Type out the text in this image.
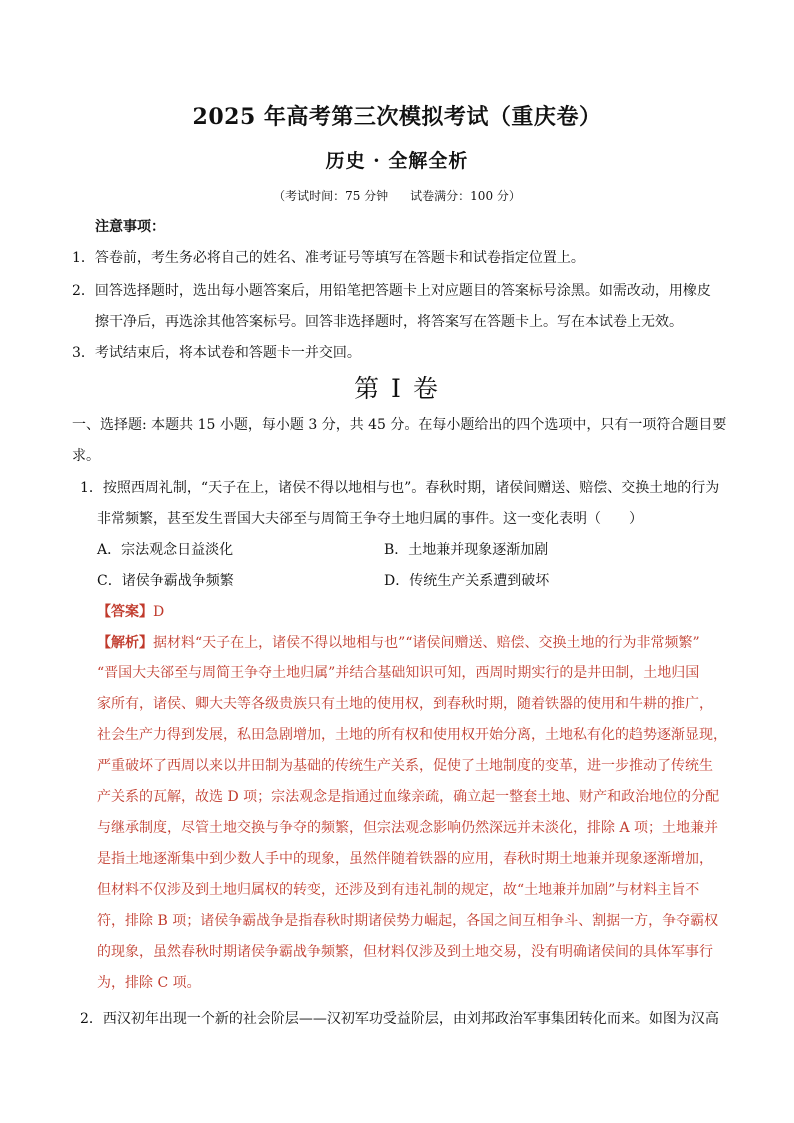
2025 年高考第三次模拟考试（重庆卷）
历史 · 全解全析
（考试时间：75 分钟 试卷满分：100 分）
注意事项：
1．答卷前，考生务必将自己的姓名、准考证号等填写在答题卡和试卷指定位置上。
2．回答选择题时，选出每小题答案后，用铅笔把答题卡上对应题目的答案标号涂黑。如需改动，用橡皮
擦干净后，再选涂其他答案标号。回答非选择题时，将答案写在答题卡上。写在本试卷上无效。
3．考试结束后，将本试卷和答题卡一并交回。
第 I 卷
一、选择题: 本题共 15 小题，每小题 3 分，共 45 分。在每小题给出的四个选项中，只有一项符合题目要
求。
1．按照西周礼制，“天子在上，诸侯不得以地相与也”。春秋时期，诸侯间赠送、赔偿、交换土地的行为
非常频繁，甚至发生晋国大夫郤至与周简王争夺土地归属的事件。这一变化表明（　　）
A．宗法观念日益淡化	B．土地兼并现象逐渐加剧
C．诸侯争霸战争频繁	D．传统生产关系遭到破坏
【答案】D
【解析】据材料“天子在上，诸侯不得以地相与也”“诸侯间赠送、赔偿、交换土地的行为非常频繁”
“晋国大夫郤至与周简王争夺土地归属”并结合基础知识可知，西周时期实行的是井田制，土地归国
家所有，诸侯、卿大夫等各级贵族只有土地的使用权，到春秋时期，随着铁器的使用和牛耕的推广，
社会生产力得到发展，私田急剧增加，土地的所有权和使用权开始分离，土地私有化的趋势逐渐显现，
严重破坏了西周以来以井田制为基础的传统生产关系，促使了土地制度的变革，进一步推动了传统生
产关系的瓦解，故选 D 项；宗法观念是指通过血缘亲疏，确立起一整套土地、财产和政治地位的分配
与继承制度，尽管土地交换与争夺的频繁，但宗法观念影响仍然深远并未淡化，排除 A 项；土地兼并
是指土地逐渐集中到少数人手中的现象，虽然伴随着铁器的应用，春秋时期土地兼并现象逐渐增加，
但材料不仅涉及到土地归属权的转变，还涉及到有违礼制的规定，故“土地兼并加剧”与材料主旨不
符，排除 B 项；诸侯争霸战争是指春秋时期诸侯势力崛起，各国之间互相争斗、割据一方，争夺霸权
的现象，虽然春秋时期诸侯争霸战争频繁，但材料仅涉及到土地交易，没有明确诸侯间的具体军事行
为，排除 C 项。
2．西汉初年出现一个新的社会阶层——汉初军功受益阶层，由刘邦政治军事集团转化而来。如图为汉高
